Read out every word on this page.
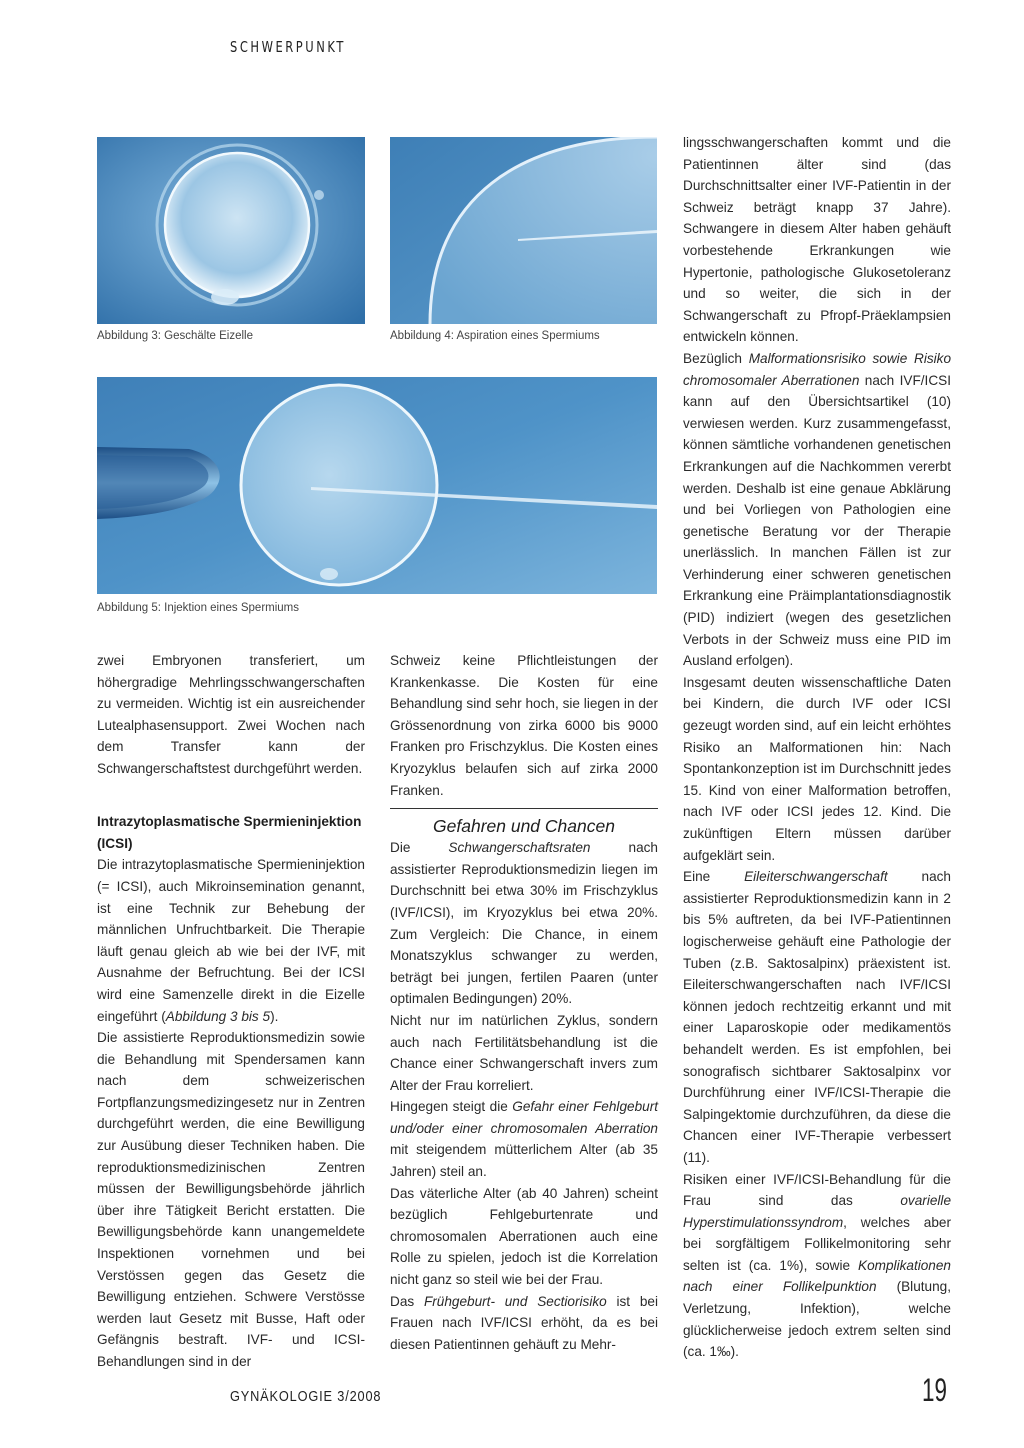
SCHWERPUNKT
Abbildung 3: Geschälte Eizelle	Abbildung 4: Aspiration eines Spermiums
Abbildung 5: Injektion eines Spermiums

zwei Embryonen transferiert, um höhergradige Mehrlingsschwangerschaften zu vermeiden. Wichtig ist ein ausreichender Lutealphasensupport. Zwei Wochen nach dem Transfer kann der Schwangerschaftstest durchgeführt werden.

Intrazytoplasmatische Spermieninjektion (ICSI)

Die intrazytoplasmatische Spermieninjektion (= ICSI), auch Mikroinsemination genannt, ist eine Technik zur Behebung der männlichen Unfruchtbarkeit. Die Therapie läuft genau gleich ab wie bei der IVF, mit Ausnahme der Befruchtung. Bei der ICSI wird eine Samenzelle direkt in die Eizelle eingeführt (Abbildung 3 bis 5).

Die assistierte Reproduktionsmedizin sowie die Behandlung mit Spendersamen kann nach dem schweizerischen Fortpflanzungsmedizingesetz nur in Zentren durchgeführt werden, die eine Bewilligung zur Ausübung dieser Techniken haben. Die reproduktionsmedizinischen Zentren müssen der Bewilligungsbehörde jährlich über ihre Tätigkeit Bericht erstatten. Die Bewilligungsbehörde kann unangemeldete Inspektionen vornehmen und bei Verstössen gegen das Gesetz die Bewilligung entziehen. Schwere Verstösse werden laut Gesetz mit Busse, Haft oder Gefängnis bestraft. IVF- und ICSI-Behandlungen sind in der

Schweiz keine Pflichtleistungen der Krankenkasse. Die Kosten für eine Behandlung sind sehr hoch, sie liegen in der Grössenordnung von zirka 6000 bis 9000 Franken pro Frischzyklus. Die Kosten eines Kryozyklus belaufen sich auf zirka 2000 Franken.

Gefahren und Chancen

Die Schwangerschaftsraten nach assistierter Reproduktionsmedizin liegen im Durchschnitt bei etwa 30% im Frischzyklus (IVF/ICSI), im Kryozyklus bei etwa 20%. Zum Vergleich: Die Chance, in einem Monatszyklus schwanger zu werden, beträgt bei jungen, fertilen Paaren (unter optimalen Bedingungen) 20%.

Nicht nur im natürlichen Zyklus, sondern auch nach Fertilitätsbehandlung ist die Chance einer Schwangerschaft invers zum Alter der Frau korreliert.

Hingegen steigt die Gefahr einer Fehlgeburt und/oder einer chromosomalen Aberration mit steigendem mütterlichem Alter (ab 35 Jahren) steil an.

Das väterliche Alter (ab 40 Jahren) scheint bezüglich Fehlgeburtenrate und chromosomalen Aberrationen auch eine Rolle zu spielen, jedoch ist die Korrelation nicht ganz so steil wie bei der Frau.

Das Frühgeburt- und Sectiorisiko ist bei Frauen nach IVF/ICSI erhöht, da es bei diesen Patientinnen gehäuft zu Mehr-

lingsschwangerschaften kommt und die Patientinnen älter sind (das Durchschnittsalter einer IVF-Patientin in der Schweiz beträgt knapp 37 Jahre). Schwangere in diesem Alter haben gehäuft vorbestehende Erkrankungen wie Hypertonie, pathologische Glukosetoleranz und so weiter, die sich in der Schwangerschaft zu Pfropf-Präeklampsien entwickeln können.

Bezüglich Malformationsrisiko sowie Risiko chromosomaler Aberrationen nach IVF/ICSI kann auf den Übersichtsartikel (10) verwiesen werden. Kurz zusammengefasst, können sämtliche vorhandenen genetischen Erkrankungen auf die Nachkommen vererbt werden. Deshalb ist eine genaue Abklärung und bei Vorliegen von Pathologien eine genetische Beratung vor der Therapie unerlässlich. In manchen Fällen ist zur Verhinderung einer schweren genetischen Erkrankung eine Präimplantationsdiagnostik (PID) indiziert (wegen des gesetzlichen Verbots in der Schweiz muss eine PID im Ausland erfolgen).

Insgesamt deuten wissenschaftliche Daten bei Kindern, die durch IVF oder ICSI gezeugt worden sind, auf ein leicht erhöhtes Risiko an Malformationen hin: Nach Spontankonzeption ist im Durchschnitt jedes 15. Kind von einer Malformation betroffen, nach IVF oder ICSI jedes 12. Kind. Die zukünftigen Eltern müssen darüber aufgeklärt sein.

Eine Eileiterschwangerschaft nach assistierter Reproduktionsmedizin kann in 2 bis 5% auftreten, da bei IVF-Patientinnen logischerweise gehäuft eine Pathologie der Tuben (z.B. Saktosalpinx) präexistent ist. Eileiterschwangerschaften nach IVF/ICSI können jedoch rechtzeitig erkannt und mit einer Laparoskopie oder medikamentös behandelt werden. Es ist empfohlen, bei sonografisch sichtbarer Saktosalpinx vor Durchführung einer IVF/ICSI-Therapie die Salpingektomie durchzuführen, da diese die Chancen einer IVF-Therapie verbessert (11).

Risiken einer IVF/ICSI-Behandlung für die Frau sind das ovarielle Hyperstimulationssyndrom, welches aber bei sorgfältigem Follikelmonitoring sehr selten ist (ca. 1%), sowie Komplikationen nach einer Follikelpunktion (Blutung, Verletzung, Infektion), welche glücklicherweise jedoch extrem selten sind (ca. 1‰).

GYNÄKOLOGIE 3/2008	19
